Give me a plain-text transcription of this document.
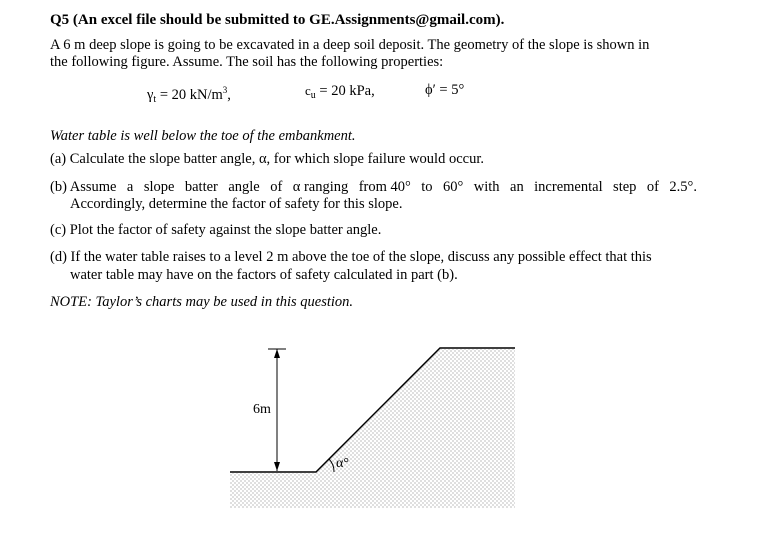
Q5 (An excel file should be submitted to GE.Assignments@gmail.com).
A 6 m deep slope is going to be excavated in a deep soil deposit. The geometry of the slope is shown in
the following figure. Assume. The soil has the following properties:
$\gamma_t = 20$ $kN/m^3$,	$c_u = 20$ kPa,	ϕ′ = 5°
Water table is well below the toe of the embankment.
(a) Calculate the slope batter angle, α, for which slope failure would occur.
(b) Assume a slope batter angle of α ranging from 40° to 60° with an incremental step of 2.5°.
Accordingly, determine the factor of safety for this slope.
(c) Plot the factor of safety against the slope batter angle.
(d) If the water table raises to a level 2 m above the toe of the slope, discuss any possible effect that this
water table may have on the factors of safety calculated in part (b).
NOTE: Taylor’s charts may be used in this question.
6m
α°
